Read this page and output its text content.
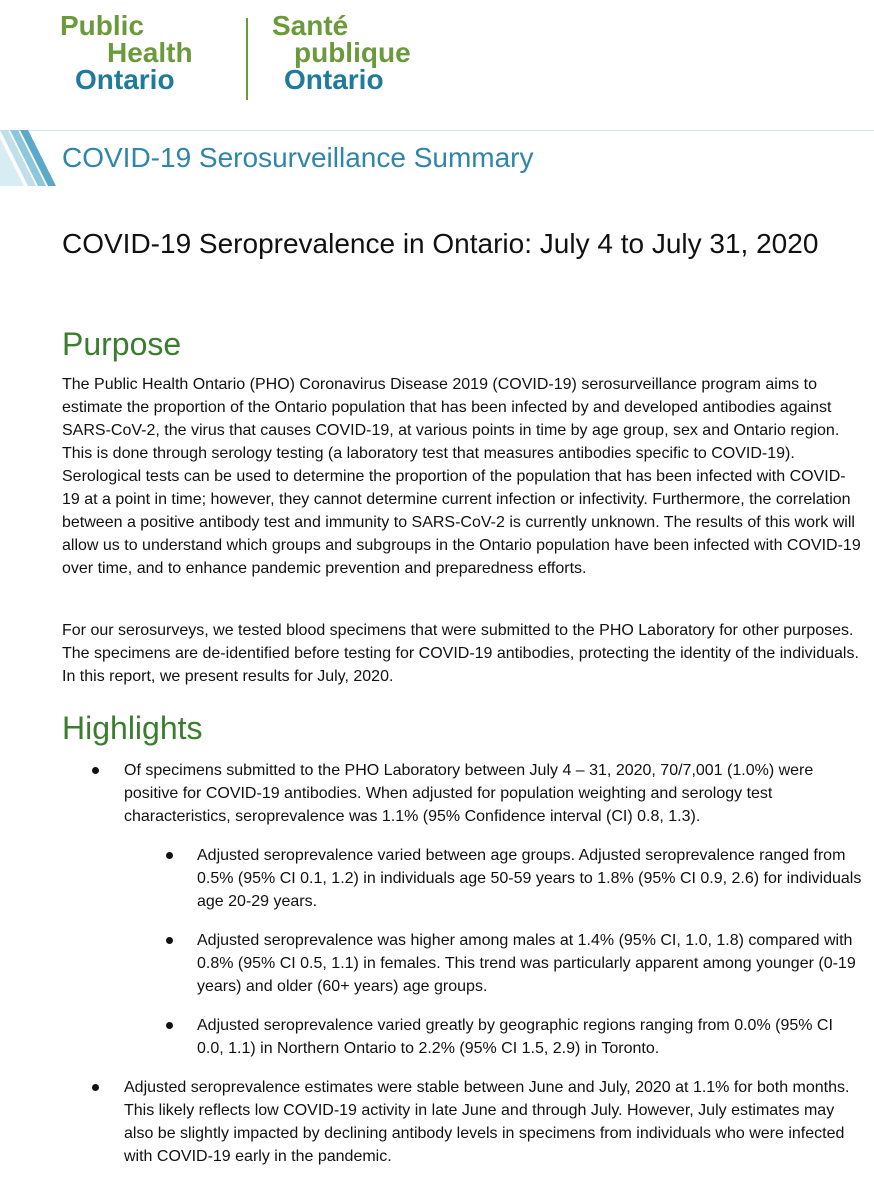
Public
Health
Ontario
Santé
publique
Ontario
COVID-19 Serosurveillance Summary
COVID-19 Seroprevalence in Ontario: July 4 to July 31, 2020
Purpose

The Public Health Ontario (PHO) Coronavirus Disease 2019 (COVID-19) serosurveillance program aims to estimate the proportion of the Ontario population that has been infected by and developed antibodies against SARS-CoV-2, the virus that causes COVID-19, at various points in time by age group, sex and Ontario region. This is done through serology testing (a laboratory test that measures antibodies specific to COVID-19). Serological tests can be used to determine the proportion of the population that has been infected with COVID-19 at a point in time; however, they cannot determine current infection or infectivity. Furthermore, the correlation between a positive antibody test and immunity to SARS-CoV-2 is currently unknown. The results of this work will allow us to understand which groups and subgroups in the Ontario population have been infected with COVID-19 over time, and to enhance pandemic prevention and preparedness efforts.

For our serosurveys, we tested blood specimens that were submitted to the PHO Laboratory for other purposes. The specimens are de-identified before testing for COVID-19 antibodies, protecting the identity of the individuals. In this report, we present results for July, 2020.

Highlights
Of specimens submitted to the PHO Laboratory between July 4 – 31, 2020, 70/7,001 (1.0%) were positive for COVID-19 antibodies. When adjusted for population weighting and serology test characteristics, seroprevalence was 1.1% (95% Confidence interval (CI) 0.8, 1.3).
Adjusted seroprevalence varied between age groups. Adjusted seroprevalence ranged from 0.5% (95% CI 0.1, 1.2) in individuals age 50-59 years to 1.8% (95% CI 0.9, 2.6) for individuals age 20-29 years.
Adjusted seroprevalence was higher among males at 1.4% (95% CI, 1.0, 1.8) compared with 0.8% (95% CI 0.5, 1.1) in females. This trend was particularly apparent among younger (0-19 years) and older (60+ years) age groups.
Adjusted seroprevalence varied greatly by geographic regions ranging from 0.0% (95% CI 0.0, 1.1) in Northern Ontario to 2.2% (95% CI 1.5, 2.9) in Toronto.
Adjusted seroprevalence estimates were stable between June and July, 2020 at 1.1% for both months. This likely reflects low COVID-19 activity in late June and through July. However, July estimates may also be slightly impacted by declining antibody levels in specimens from individuals who were infected with COVID-19 early in the pandemic.
